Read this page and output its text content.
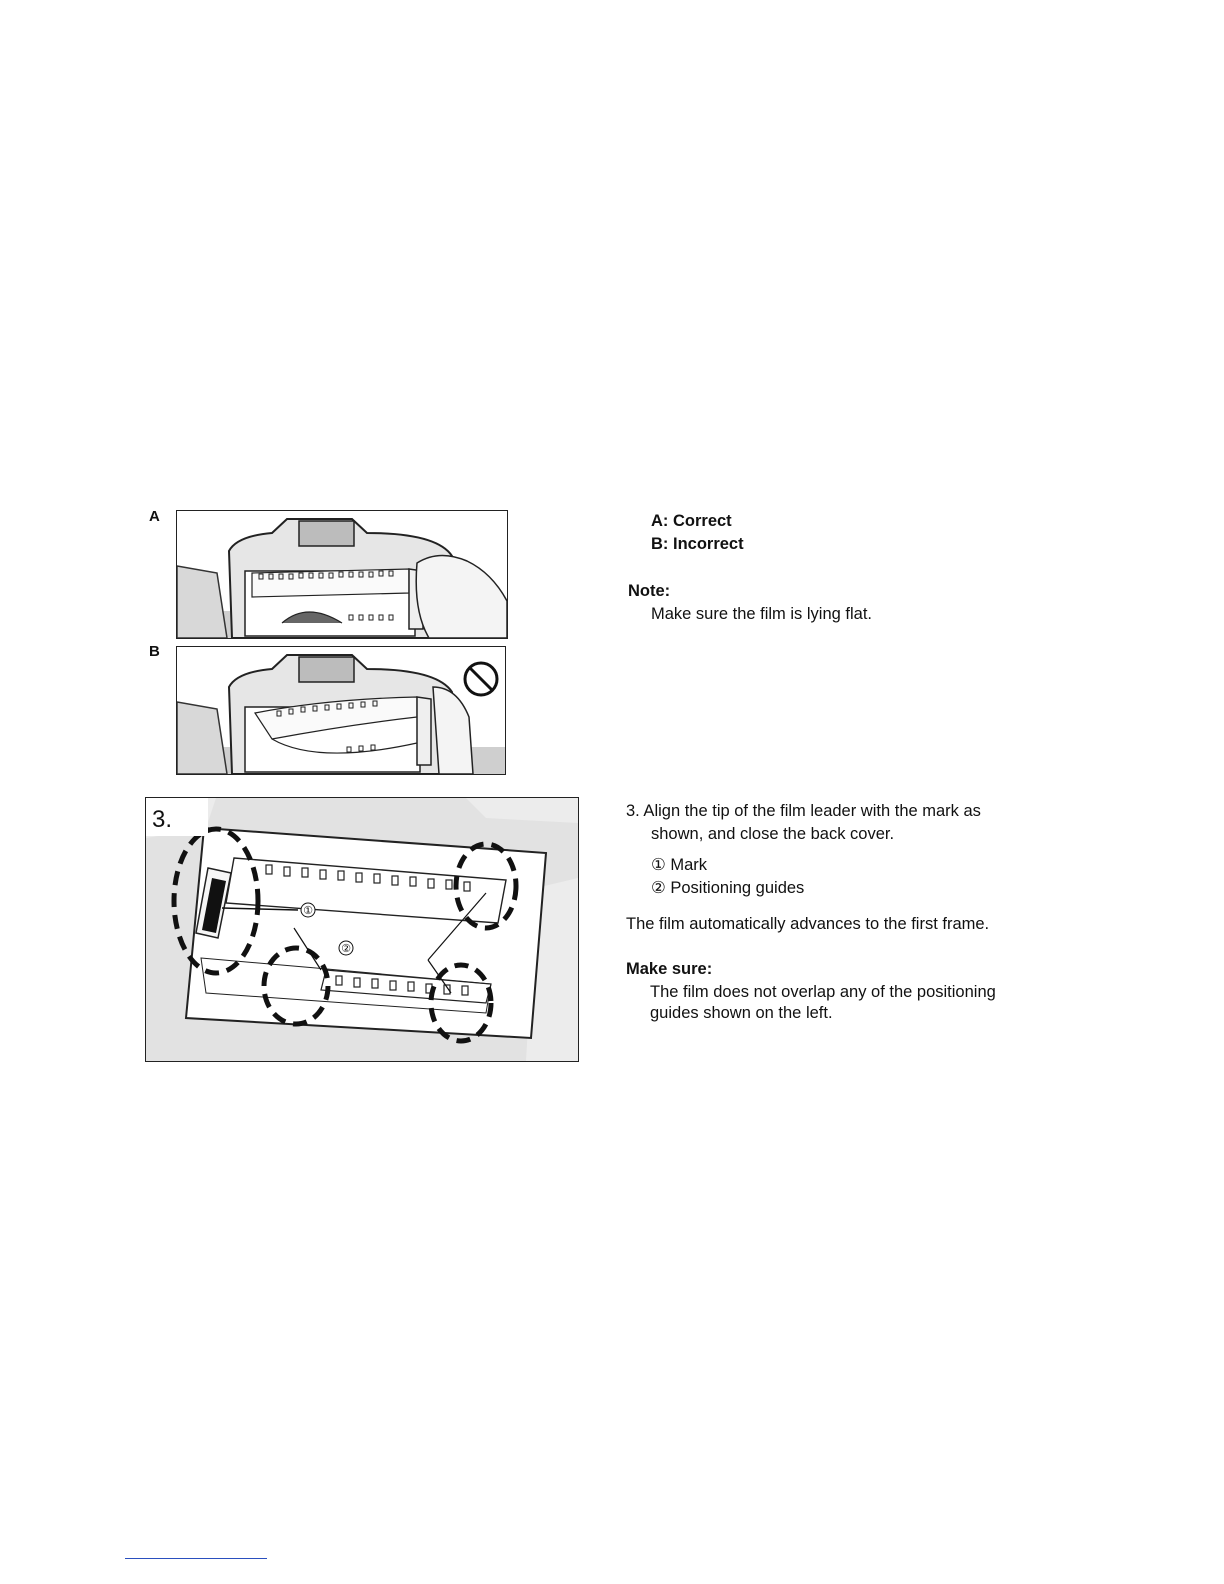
A
B
3.
①
②
A: Correct
B: Incorrect
Note:
Make sure the film is lying flat.
3. Align the tip of the film leader with the mark as
shown, and close the back cover.
① Mark
② Positioning guides
The film automatically advances to the first frame.
Make sure:
The film does not overlap any of the positioning
guides shown on the left.
